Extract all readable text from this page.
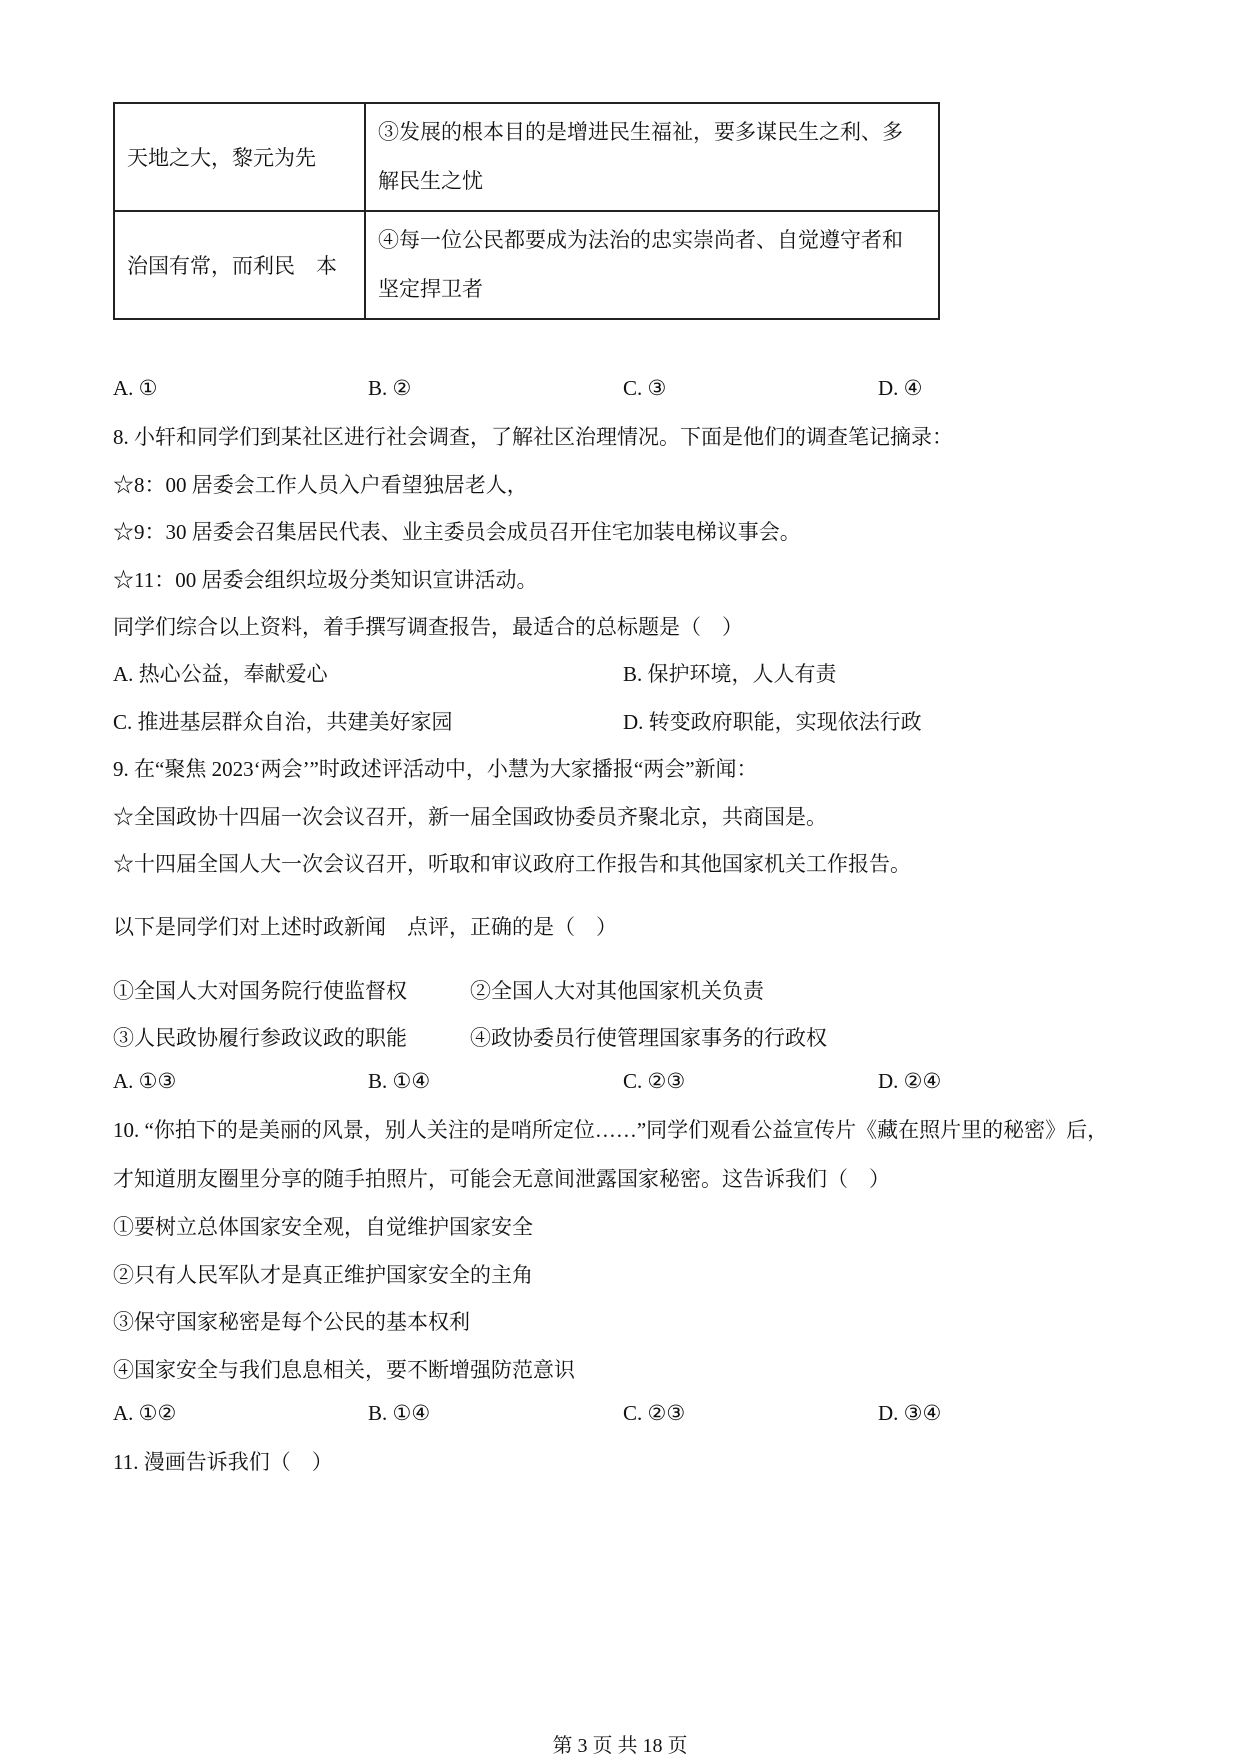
天地之大，黎元为先	③发展的根本目的是增进民生福祉，要多谋民生之利、多
解民生之忧

治国有常，而利民　本	④每一位公民都要成为法治的忠实崇尚者、自觉遵守者和
坚定捍卫者
A. ①	B. ②	C. ③	D. ④
8. 小轩和同学们到某社区进行社会调查，了解社区治理情况。下面是他们的调查笔记摘录：
☆8：00 居委会工作人员入户看望独居老人，
☆9：30 居委会召集居民代表、业主委员会成员召开住宅加装电梯议事会。
☆11：00 居委会组织垃圾分类知识宣讲活动。
同学们综合以上资料，着手撰写调查报告，最适合的总标题是（　）
A. 热心公益，奉献爱心	B. 保护环境，人人有责
C. 推进基层群众自治，共建美好家园	D. 转变政府职能，实现依法行政
9. 在“聚焦 2023‘两会’”时政述评活动中，小慧为大家播报“两会”新闻：
☆全国政协十四届一次会议召开，新一届全国政协委员齐聚北京，共商国是。
☆十四届全国人大一次会议召开，听取和审议政府工作报告和其他国家机关工作报告。
以下是同学们对上述时政新闻　点评，正确的是（　）
①全国人大对国务院行使监督权	②全国人大对其他国家机关负责
③人民政协履行参政议政的职能	④政协委员行使管理国家事务的行政权
A. ①③	B. ①④	C. ②③	D. ②④
10. “你拍下的是美丽的风景，别人关注的是哨所定位……”同学们观看公益宣传片《藏在照片里的秘密》后，
才知道朋友圈里分享的随手拍照片，可能会无意间泄露国家秘密。这告诉我们（　）
①要树立总体国家安全观，自觉维护国家安全
②只有人民军队才是真正维护国家安全的主角
③保守国家秘密是每个公民的基本权利
④国家安全与我们息息相关，要不断增强防范意识
A. ①②	B. ①④	C. ②③	D. ③④
11. 漫画告诉我们（　）
第 3 页 共 18 页
